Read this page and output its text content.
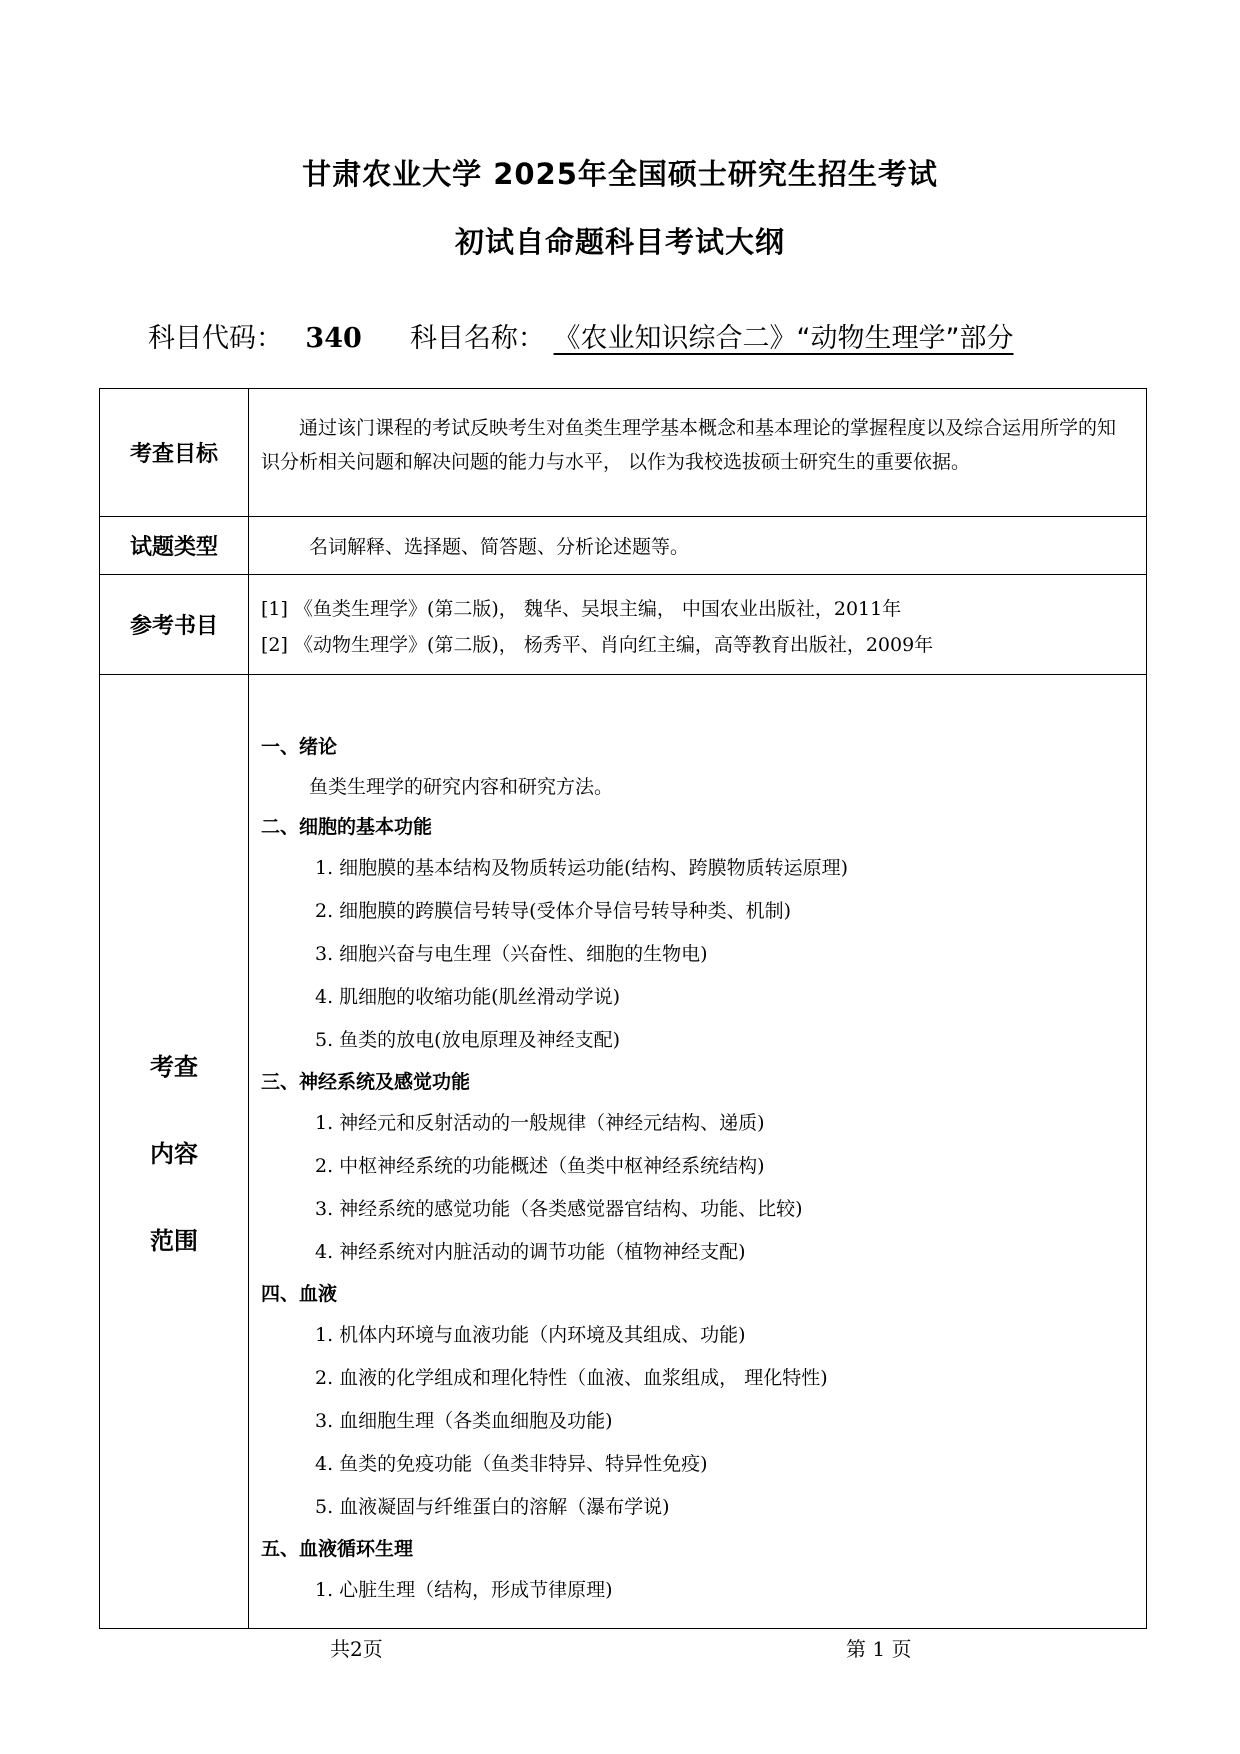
甘肃农业大学 2025年全国硕士研究生招生考试
初试自命题科目考试大纲
科目代码： 340 科目名称： 《农业知识综合二》“动物生理学”部分
考查目标

通过该门课程的考试反映考生对鱼类生理学基本概念和基本理论的掌握程度以及综合运用所学的知识分析相关问题和解决问题的能力与水平， 以作为我校选拔硕士研究生的重要依据。

试题类型	名词解释、选择题、简答题、分析论述题等。

参考书目
[1] 《鱼类生理学》(第二版)， 魏华、吴垠主编， 中国农业出版社，2011年
[2] 《动物生理学》(第二版)， 杨秀平、肖向红主编，高等教育出版社，2009年
考查
内容
范围
一、绪论
鱼类生理学的研究内容和研究方法。
二、细胞的基本功能
1. 细胞膜的基本结构及物质转运功能(结构、跨膜物质转运原理)
2. 细胞膜的跨膜信号转导(受体介导信号转导种类、机制)
3. 细胞兴奋与电生理（兴奋性、细胞的生物电)
4. 肌细胞的收缩功能(肌丝滑动学说)
5. 鱼类的放电(放电原理及神经支配)
三、神经系统及感觉功能
1. 神经元和反射活动的一般规律（神经元结构、递质)
2. 中枢神经系统的功能概述（鱼类中枢神经系统结构)
3. 神经系统的感觉功能（各类感觉器官结构、功能、比较)
4. 神经系统对内脏活动的调节功能（植物神经支配)
四、血液
1. 机体内环境与血液功能（内环境及其组成、功能)
2. 血液的化学组成和理化特性（血液、血浆组成， 理化特性)
3. 血细胞生理（各类血细胞及功能)
4. 鱼类的免疫功能（鱼类非特异、特异性免疫)
5. 血液凝固与纤维蛋白的溶解（瀑布学说)
五、血液循环生理
1. 心脏生理（结构，形成节律原理)
共2页	第 1 页
